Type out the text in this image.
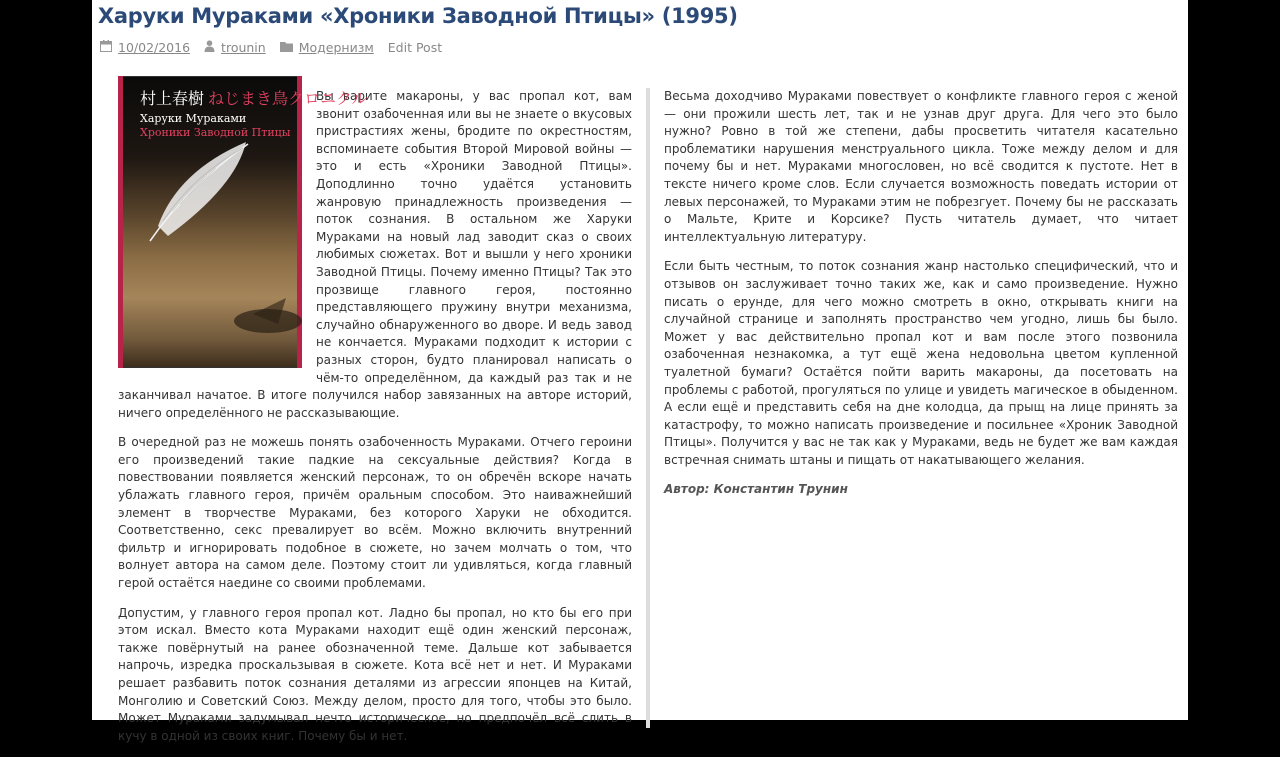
Харуки Мураками «Хроники Заводной Птицы» (1995)
10/02/2016 trounin	Модернизм Edit Post
村上春樹 ねじまき鳥クロニクル
Харуки Мураками
Хроники Заводной Птицы

Вы варите макароны, у вас пропал кот, вам звонит озабоченная или вы не знаете о вкусовых пристрастиях жены, бродите по окрестностям, вспоминаете события Второй Мировой войны — это и есть «Хроники Заводной Птицы». Доподлинно точно удаётся установить жанровую принадлежность произведения — поток сознания. В остальном же Харуки Мураками на новый лад заводит сказ о своих любимых сюжетах. Вот и вышли у него хроники Заводной Птицы. Почему именно Птицы? Так это прозвище главного героя, постоянно представляющего пружину внутри механизма, случайно обнаруженного во дворе. И ведь завод не кончается. Мураками подходит к истории с разных сторон, будто планировал написать о чём-то определённом, да каждый раз так и не заканчивал начатое. В итоге получился набор завязанных на авторе историй, ничего определённого не рассказывающие.

В очередной раз не можешь понять озабоченность Мураками. Отчего героини его произведений такие падкие на сексуальные действия? Когда в повествовании появляется женский персонаж, то он обречён вскоре начать ублажать главного героя, причём оральным способом. Это наиважнейший элемент в творчестве Мураками, без которого Харуки не обходится. Соответственно, секс превалирует во всём. Можно включить внутренний фильтр и игнорировать подобное в сюжете, но зачем молчать о том, что волнует автора на самом деле. Поэтому стоит ли удивляться, когда главный герой остаётся наедине со своими проблемами.

Допустим, у главного героя пропал кот. Ладно бы пропал, но кто бы его при этом искал. Вместо кота Мураками находит ещё один женский персонаж, также повёрнутый на ранее обозначенной теме. Дальше кот забывается напрочь, изредка проскальзывая в сюжете. Кота всё нет и нет. И Мураками решает разбавить поток сознания деталями из агрессии японцев на Китай, Монголию и Советский Союз. Между делом, просто для того, чтобы это было. Может Мураками задумывал нечто историческое, но предпочёл всё слить в кучу в одной из своих книг. Почему бы и нет.

Весьма доходчиво Мураками повествует о конфликте главного героя с женой — они прожили шесть лет, так и не узнав друг друга. Для чего это было нужно? Ровно в той же степени, дабы просветить читателя касательно проблематики нарушения менструального цикла. Тоже между делом и для почему бы и нет. Мураками многословен, но всё сводится к пустоте. Нет в тексте ничего кроме слов. Если случается возможность поведать истории от левых персонажей, то Мураками этим не побрезгует. Почему бы не рассказать о Мальте, Крите и Корсике? Пусть читатель думает, что читает интеллектуальную литературу.

Если быть честным, то поток сознания жанр настолько специфический, что и отзывов он заслуживает точно таких же, как и само произведение. Нужно писать о ерунде, для чего можно смотреть в окно, открывать книги на случайной странице и заполнять пространство чем угодно, лишь бы было. Может у вас действительно пропал кот и вам после этого позвонила озабоченная незнакомка, а тут ещё жена недовольна цветом купленной туалетной бумаги? Остаётся пойти варить макароны, да посетовать на проблемы с работой, прогуляться по улице и увидеть магическое в обыденном. А если ещё и представить себя на дне колодца, да прыщ на лице принять за катастрофу, то можно написать произведение и посильнее «Хроник Заводной Птицы». Получится у вас не так как у Мураками, ведь не будет же вам каждая встречная снимать штаны и пищать от накатывающего желания.

Автор: Константин Трунин
